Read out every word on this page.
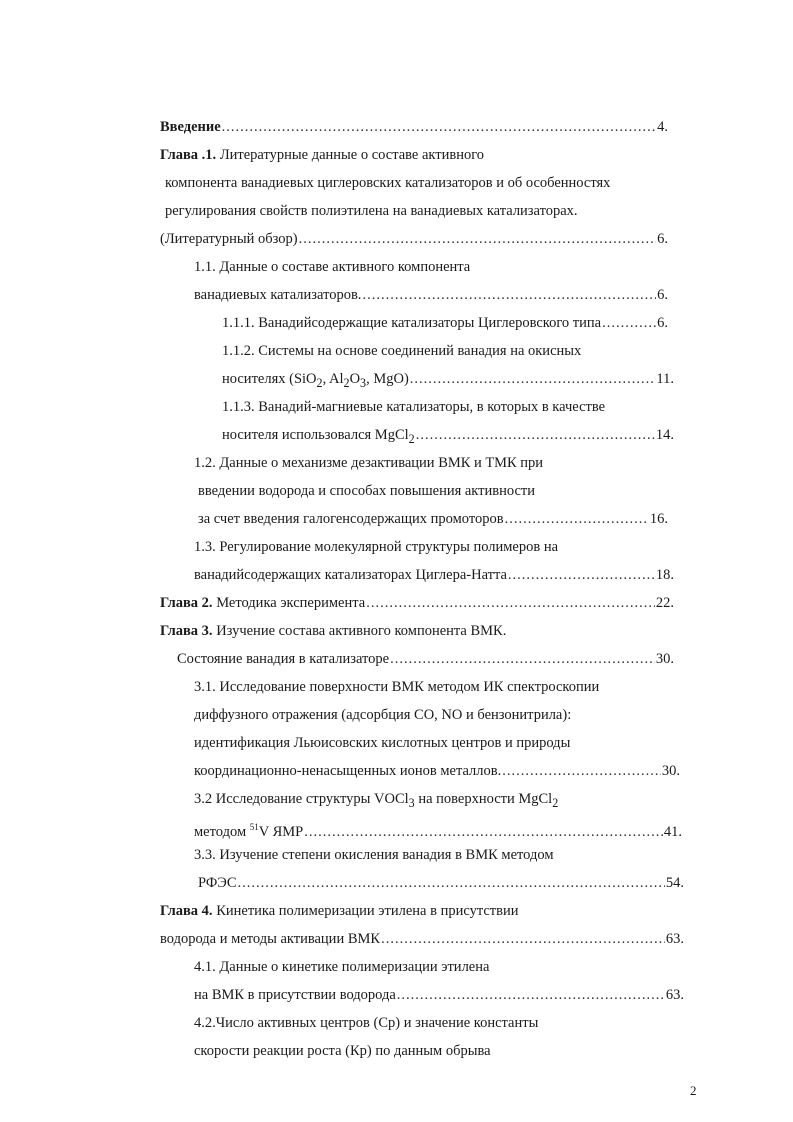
Введение .....	4.
Глава .1.
Литературные данные о составе активного
компонента ванадиевых циглеровских катализаторов и об особенностях
регулирования свойств полиэтилена на ванадиевых катализаторах.
(Литературный обзор) .....	6.
1.1. Данные о составе активного компонента
ванадиевых катализаторов. .....	6.
1.1.1. Ванадийсодержащие катализаторы Циглеровского типа .....	6.
1.1.2. Системы на основе соединений ванадия на окисных
носителях (SiO$_2$, $Al_2O_3$, MgO) .....	11.
1.1.3. Ванадий-магниевые катализаторы, в которых в качестве
носителя использовался MgCl$_2$ .....	14.
1.2. Данные о механизме дезактивации ВМК и ТМК при
введении водорода и способах повышения активности
за счет введения галогенсодержащих промоторов .....	16.
1.3. Регулирование молекулярной структуры полимеров на
ванадийсодержащих катализаторах Циглера-Натта .....	18.
Глава 2.
Методика эксперимента .....	22.
Глава 3.
Изучение состава активного компонента ВМК.
Состояние ванадия в катализаторе .....	30.
3.1. Исследование поверхности ВМК методом ИК спектроскопии
диффузного отражения (адсорбция CO, NO и бензонитрила):
идентификация Льюисовских кислотных центров и природы
координационно-ненасыщенных ионов металлов. .....	30.
3.2 Исследование структуры VOCl$_3$ на поверхности MgCl$_2$
методом $^{51}$V ЯМР .....	41.
3.3. Изучение степени окисления ванадия в ВМК методом
РФЭС .....	54.
Глава 4.
Кинетика полимеризации этилена в присутствии
водорода и методы активации ВМК .....	63.
4.1. Данные о кинетике полимеризации этилена
на ВМК в присутствии водорода .....	63.
4.2.Число активных центров (Ср) и значение константы
скорости реакции роста (Кр) по данным обрыва
2
